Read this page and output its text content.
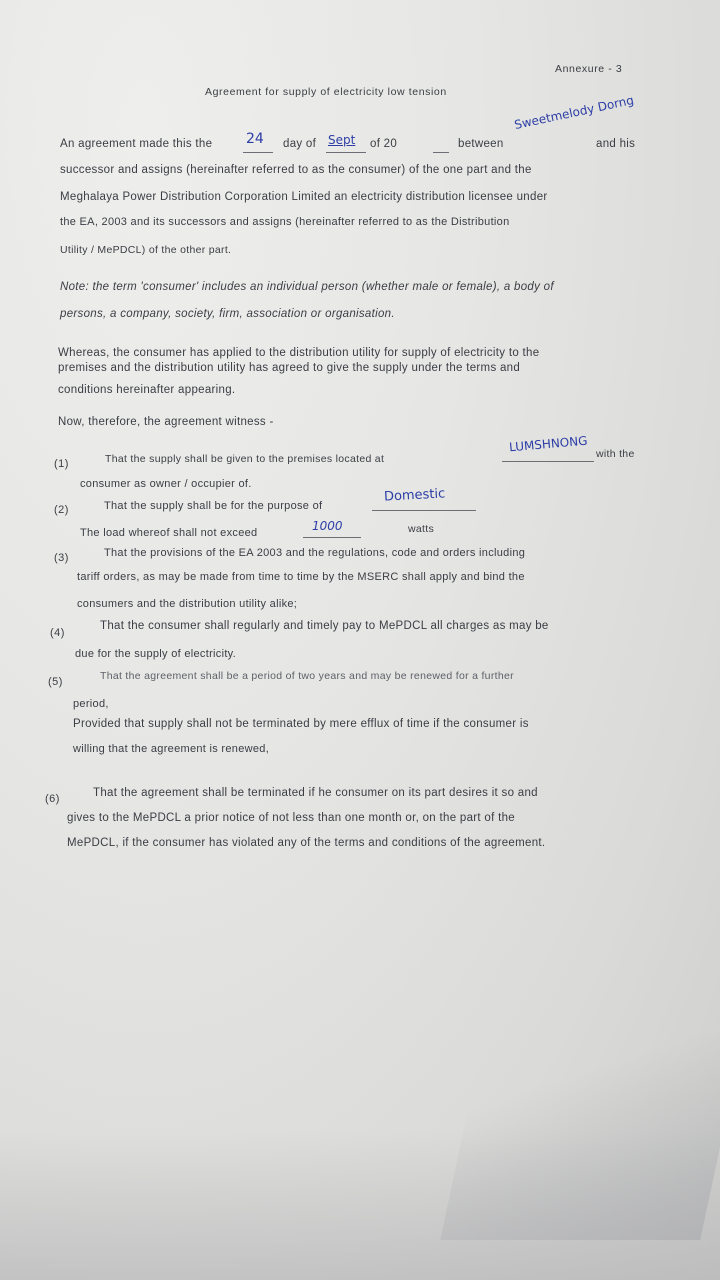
Annexure - 3
Agreement for supply of electricity low tension
An agreement made this the 24 day of Sept of 20	between
Sweetmelody Dorng
and his
successor and assigns (hereinafter referred to as the consumer) of the one part and the
Meghalaya Power Distribution Corporation Limited an electricity distribution licensee under
the EA, 2003 and its successors and assigns (hereinafter referred to as the Distribution
Utility / MePDCL) of the other part.
Note: the term 'consumer' includes an individual person (whether male or female), a body of
persons, a company, society, firm, association or organisation.
Whereas, the consumer has applied to the distribution utility for supply of electricity to the
premises and the distribution utility has agreed to give the supply under the terms and
conditions hereinafter appearing.
Now, therefore, the agreement witness -
(1)	That the supply shall be given to the premises located at
LUMSHNONG with the
consumer as owner / occupier of.
(2)	That the supply shall be for the purpose of
Domestic
The load whereof shall not exceed	1000	watts
(3)	That the provisions of the EA 2003 and the regulations, code and orders including
tariff orders, as may be made from time to time by the MSERC shall apply and bind the
consumers and the distribution utility alike;
(4)
That the consumer shall regularly and timely pay to MePDCL all charges as may be
due for the supply of electricity.
(5)	That the agreement shall be a period of two years and may be renewed for a further
period,
Provided that supply shall not be terminated by mere efflux of time if the consumer is
willing that the agreement is renewed,
(6)	That the agreement shall be terminated if he consumer on its part desires it so and
gives to the MePDCL a prior notice of not less than one month or, on the part of the
MePDCL, if the consumer has violated any of the terms and conditions of the agreement.
